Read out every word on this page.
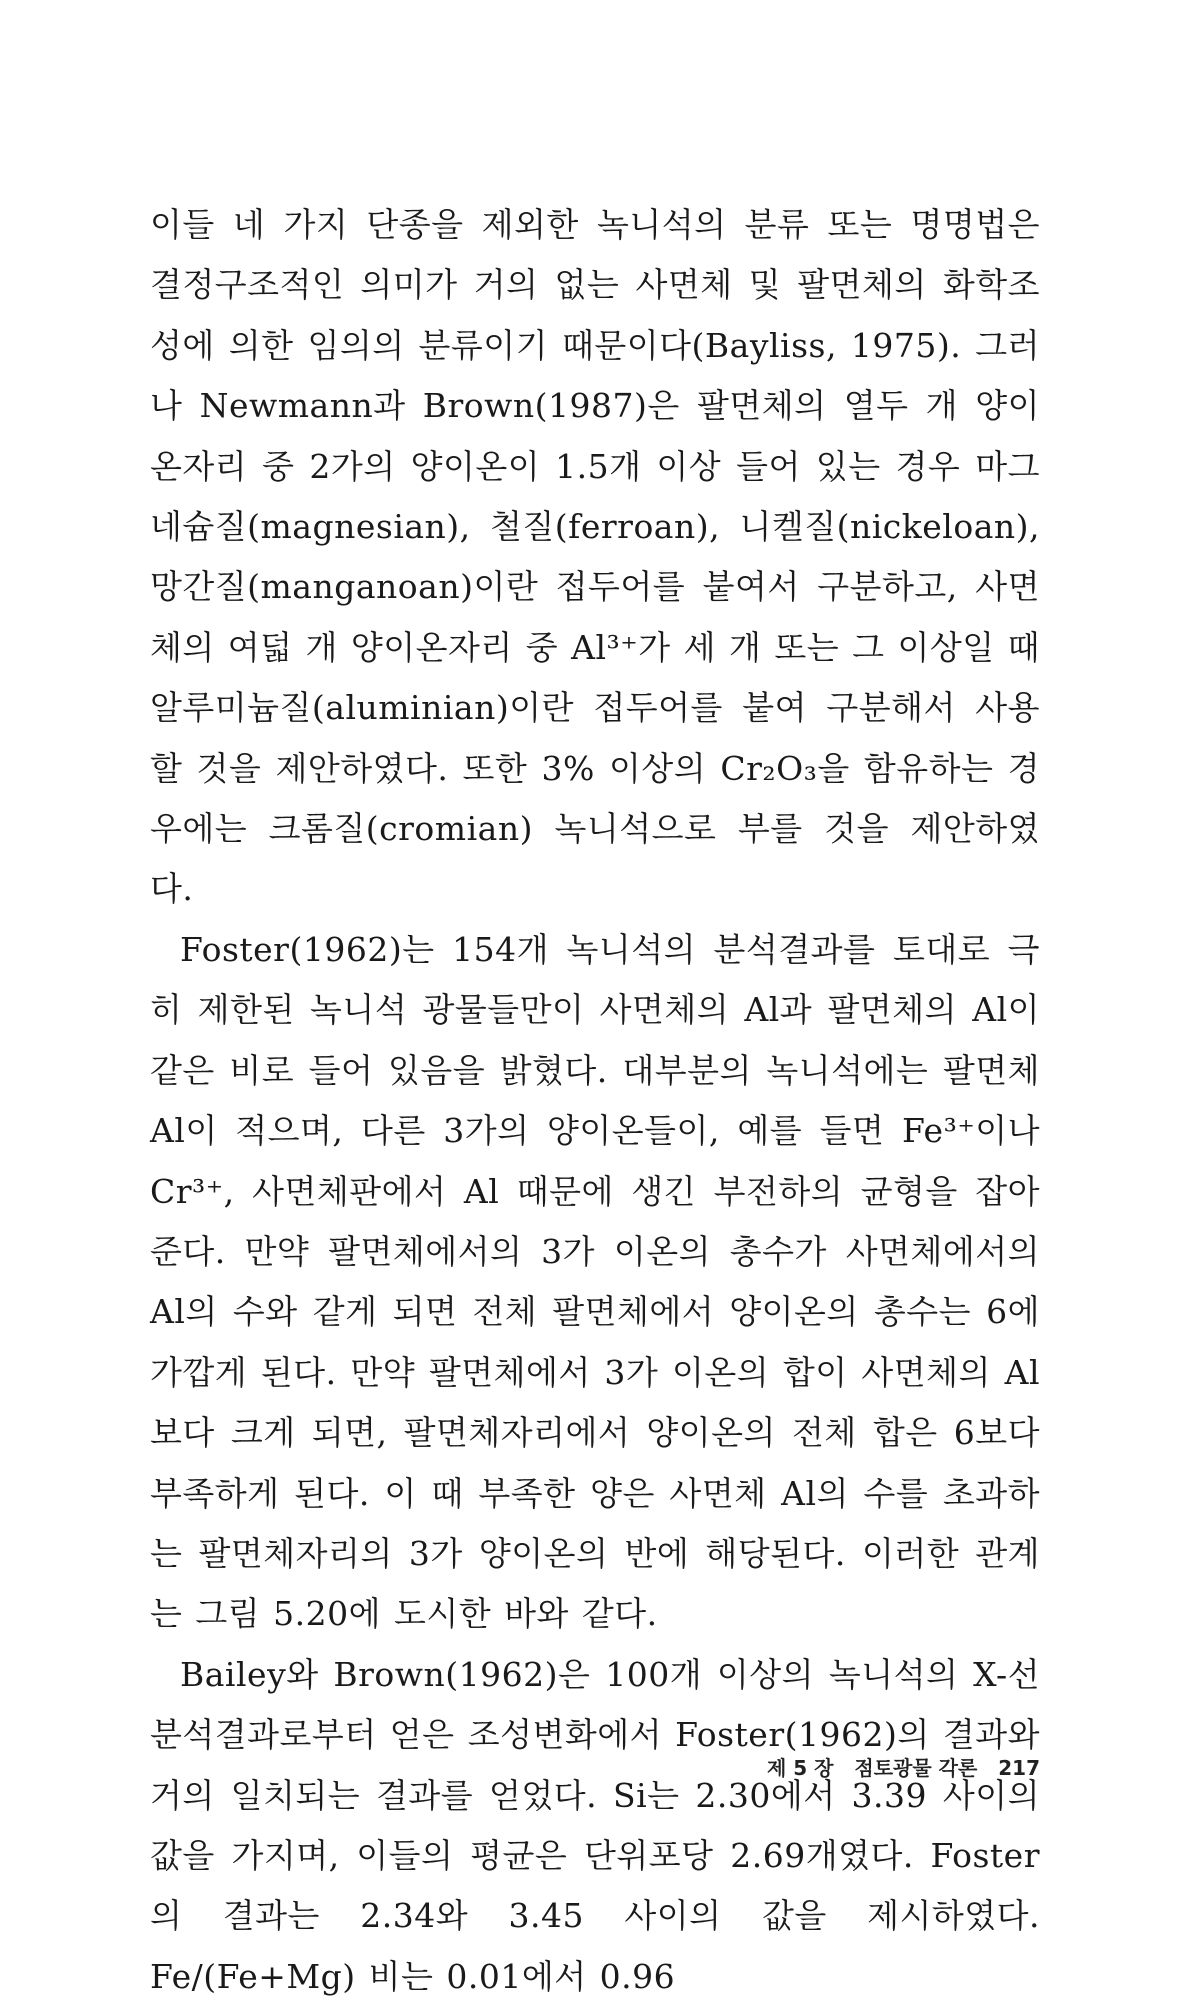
이들 네 가지 단종을 제외한 녹니석의 분류 또는 명명법은 결정구조적인 의미가 거의 없는 사면체 및 팔면체의 화학조성에 의한 임의의 분류이기 때문이다(Bayliss, 1975). 그러나 Newmann과 Brown(1987)은 팔면체의 열두 개 양이온자리 중 2가의 양이온이 1.5개 이상 들어 있는 경우 마그네슘질(magnesian), 철질(ferroan), 니켈질(nickeloan), 망간질(manganoan)이란 접두어를 붙여서 구분하고, 사면체의 여덟 개 양이온자리 중 Al³⁺가 세 개 또는 그 이상일 때 알루미늄질(aluminian)이란 접두어를 붙여 구분해서 사용할 것을 제안하였다. 또한 3% 이상의 Cr₂O₃을 함유하는 경우에는 크롬질(cromian) 녹니석으로 부를 것을 제안하였다.

Foster(1962)는 154개 녹니석의 분석결과를 토대로 극히 제한된 녹니석 광물들만이 사면체의 Al과 팔면체의 Al이 같은 비로 들어 있음을 밝혔다. 대부분의 녹니석에는 팔면체 Al이 적으며, 다른 3가의 양이온들이, 예를 들면 Fe³⁺이나 Cr³⁺, 사면체판에서 Al 때문에 생긴 부전하의 균형을 잡아준다. 만약 팔면체에서의 3가 이온의 총수가 사면체에서의 Al의 수와 같게 되면 전체 팔면체에서 양이온의 총수는 6에 가깝게 된다. 만약 팔면체에서 3가 이온의 합이 사면체의 Al보다 크게 되면, 팔면체자리에서 양이온의 전체 합은 6보다 부족하게 된다. 이 때 부족한 양은 사면체 Al의 수를 초과하는 팔면체자리의 3가 양이온의 반에 해당된다. 이러한 관계는 그림 5.20에 도시한 바와 같다.

Bailey와 Brown(1962)은 100개 이상의 녹니석의 X-선 분석결과로부터 얻은 조성변화에서 Foster(1962)의 결과와 거의 일치되는 결과를 얻었다. Si는 2.30에서 3.39 사이의 값을 가지며, 이들의 평균은 단위포당 2.69개였다. Foster의 결과는 2.34와 3.45 사이의 값을 제시하였다. Fe/(Fe+Mg) 비는 0.01에서 0.96

제 5 장 점토광물 각론 217
